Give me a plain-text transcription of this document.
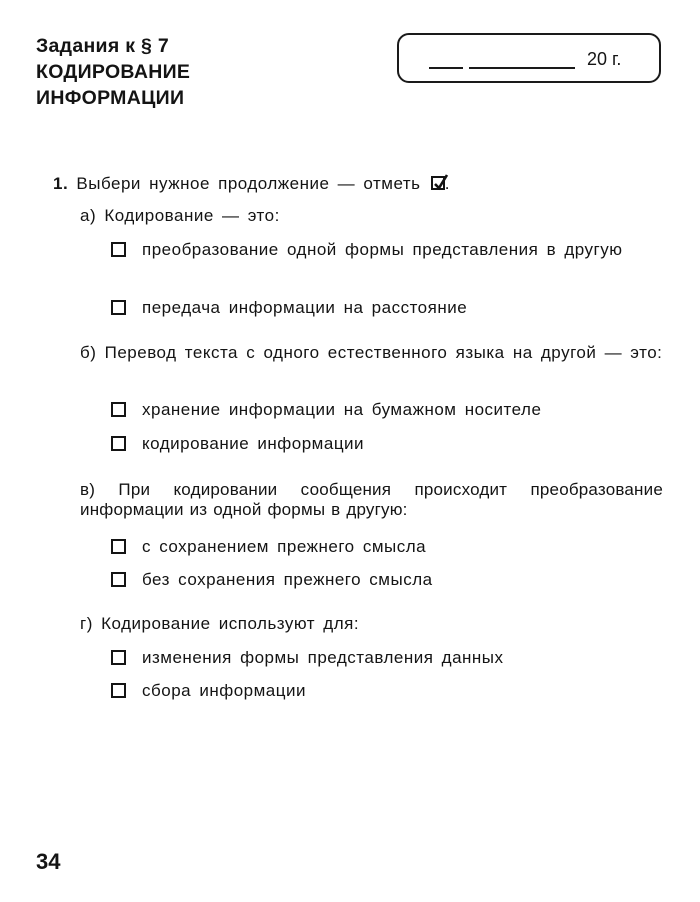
Задания к § 7
КОДИРОВАНИЕ
ИНФОРМАЦИИ
20 г.
1. Выбери нужное продолжение — отметь .
а) Кодирование — это:
преобразование одной формы представления в другую
передача информации на расстояние
б) Перевод текста с одного естественного языка на другой — это:
хранение информации на бумажном носителе
кодирование информации
в) При кодировании сообщения происходит преобразование информации из одной формы в другую:
с сохранением прежнего смысла
без сохранения прежнего смысла
г) Кодирование используют для:
изменения формы представления данных
сбора информации
34
